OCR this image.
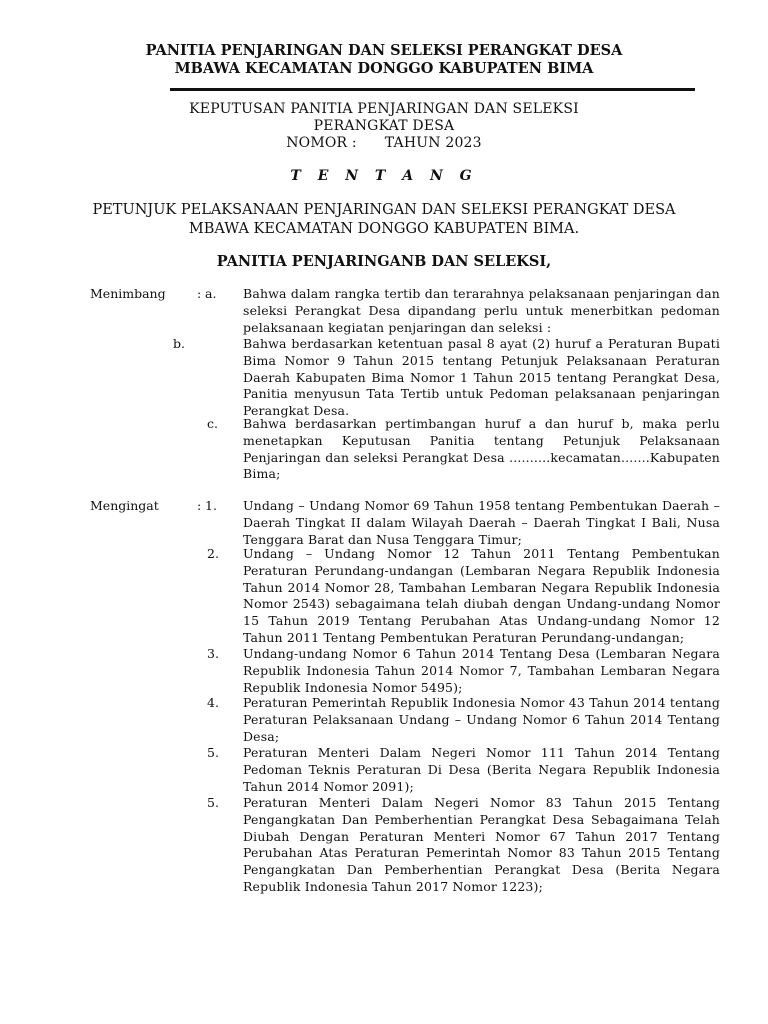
PANITIA PENJARINGAN DAN SELEKSI PERANGKAT DESA
MBAWA KECAMATAN DONGGO KABUPATEN BIMA
KEPUTUSAN PANITIA PENJARINGAN DAN SELEKSI
PERANGKAT DESA
NOMOR :      TAHUN 2023
T E N T A N G
PETUNJUK PELAKSANAAN PENJARINGAN DAN SELEKSI PERANGKAT DESA
MBAWA KECAMATAN DONGGO KABUPATEN BIMA.
PANITIA PENJARINGANB DAN SELEKSI,
Menimbang	: a. Bahwa dalam rangka tertib dan terarahnya pelaksanaan penjaringan dan seleksi Perangkat Desa dipandang perlu untuk menerbitkan pedoman pelaksanaan kegiatan penjaringan dan seleksi :
b.	Bahwa berdasarkan ketentuan pasal 8 ayat (2) huruf a Peraturan Bupati Bima Nomor 9 Tahun 2015 tentang Petunjuk Pelaksanaan Peraturan Daerah Kabupaten Bima Nomor 1 Tahun 2015 tentang Perangkat Desa, Panitia menyusun Tata Tertib untuk Pedoman pelaksanaan penjaringan Perangkat Desa.
c. Bahwa berdasarkan pertimbangan huruf a dan huruf b, maka perlu menetapkan Keputusan Panitia tentang Petunjuk Pelaksanaan Penjaringan dan seleksi Perangkat Desa ..........kecamatan.......Kabupaten Bima;
Mengingat	: 1. Undang – Undang Nomor 69 Tahun 1958 tentang Pembentukan Daerah – Daerah Tingkat II dalam Wilayah Daerah – Daerah Tingkat I Bali, Nusa Tenggara Barat dan Nusa Tenggara Timur;
2. Undang – Undang Nomor 12 Tahun 2011 Tentang Pembentukan Peraturan Perundang-undangan (Lembaran Negara Republik Indonesia Tahun 2014 Nomor 28, Tambahan Lembaran Negara Republik Indonesia Nomor 2543) sebagaimana telah diubah dengan Undang-undang Nomor 15 Tahun 2019 Tentang Perubahan Atas Undang-undang Nomor 12 Tahun 2011 Tentang Pembentukan Peraturan Perundang-undangan;
3. Undang-undang Nomor 6 Tahun 2014 Tentang Desa (Lembaran Negara Republik Indonesia Tahun 2014 Nomor 7, Tambahan Lembaran Negara Republik Indonesia Nomor 5495);
4. Peraturan Pemerintah Republik Indonesia Nomor 43 Tahun 2014 tentang Peraturan Pelaksanaan Undang – Undang Nomor 6 Tahun 2014 Tentang Desa;
5. Peraturan Menteri Dalam Negeri Nomor 111 Tahun 2014 Tentang Pedoman Teknis Peraturan Di Desa (Berita Negara Republik Indonesia Tahun 2014 Nomor 2091);
5. Peraturan Menteri Dalam Negeri Nomor 83 Tahun 2015 Tentang Pengangkatan Dan Pemberhentian Perangkat Desa Sebagaimana Telah Diubah Dengan Peraturan Menteri Nomor 67 Tahun 2017 Tentang Perubahan Atas Peraturan Pemerintah Nomor 83 Tahun 2015 Tentang Pengangkatan Dan Pemberhentian Perangkat Desa (Berita Negara Republik Indonesia Tahun 2017 Nomor 1223);
